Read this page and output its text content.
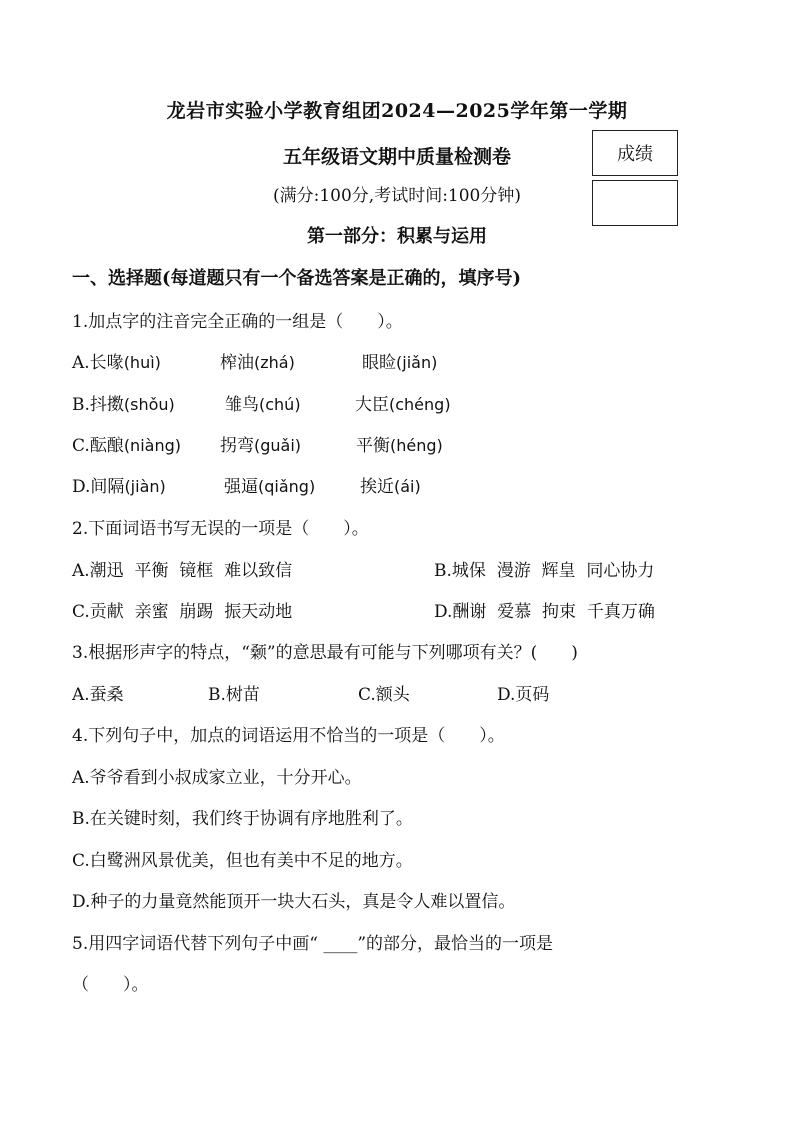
龙岩市实验小学教育组团2024—2025学年第一学期
五年级语文期中质量检测卷	成绩
(满分:100分,考试时间:100分钟)
第一部分：积累与运用
一、选择题(每道题只有一个备选答案是正确的，填序号)
1.加点字的注音完全正确的一组是（　　）。
A.长喙(huì)	榨油(zhá)	眼睑(jiǎn)
B.抖擞(shǒu)	雏鸟(chú)	大臣(chéng)
C.酝酿(niàng) 拐弯(guǎi)	平衡(héng)
D.间隔(jiàn)	强逼(qiǎng)	挨近(ái)
2.下面词语书写无误的一项是（　　）。
A.潮迅  平衡  镜框  难以致信	B.城保  漫游  辉皇  同心协力
C.贡献  亲蜜  崩踢  振天动地	D.酬谢  爱慕  拘束  千真万确
3.根据形声字的特点，“颡”的意思最有可能与下列哪项有关？(　　)
A.蚕桑	B.树苗	C.额头	D.页码
4.下列句子中，加点的词语运用不恰当的一项是（　　）。
A.爷爷看到小叔成家立业，十分开心。
B.在关键时刻，我们终于协调有序地胜利了。
C.白鹭洲风景优美，但也有美中不足的地方。
D.种子的力量竟然能顶开一块大石头，真是令人难以置信。
5.用四字词语代替下列句子中画“ ____”的部分，最恰当的一项是
（　　）。
